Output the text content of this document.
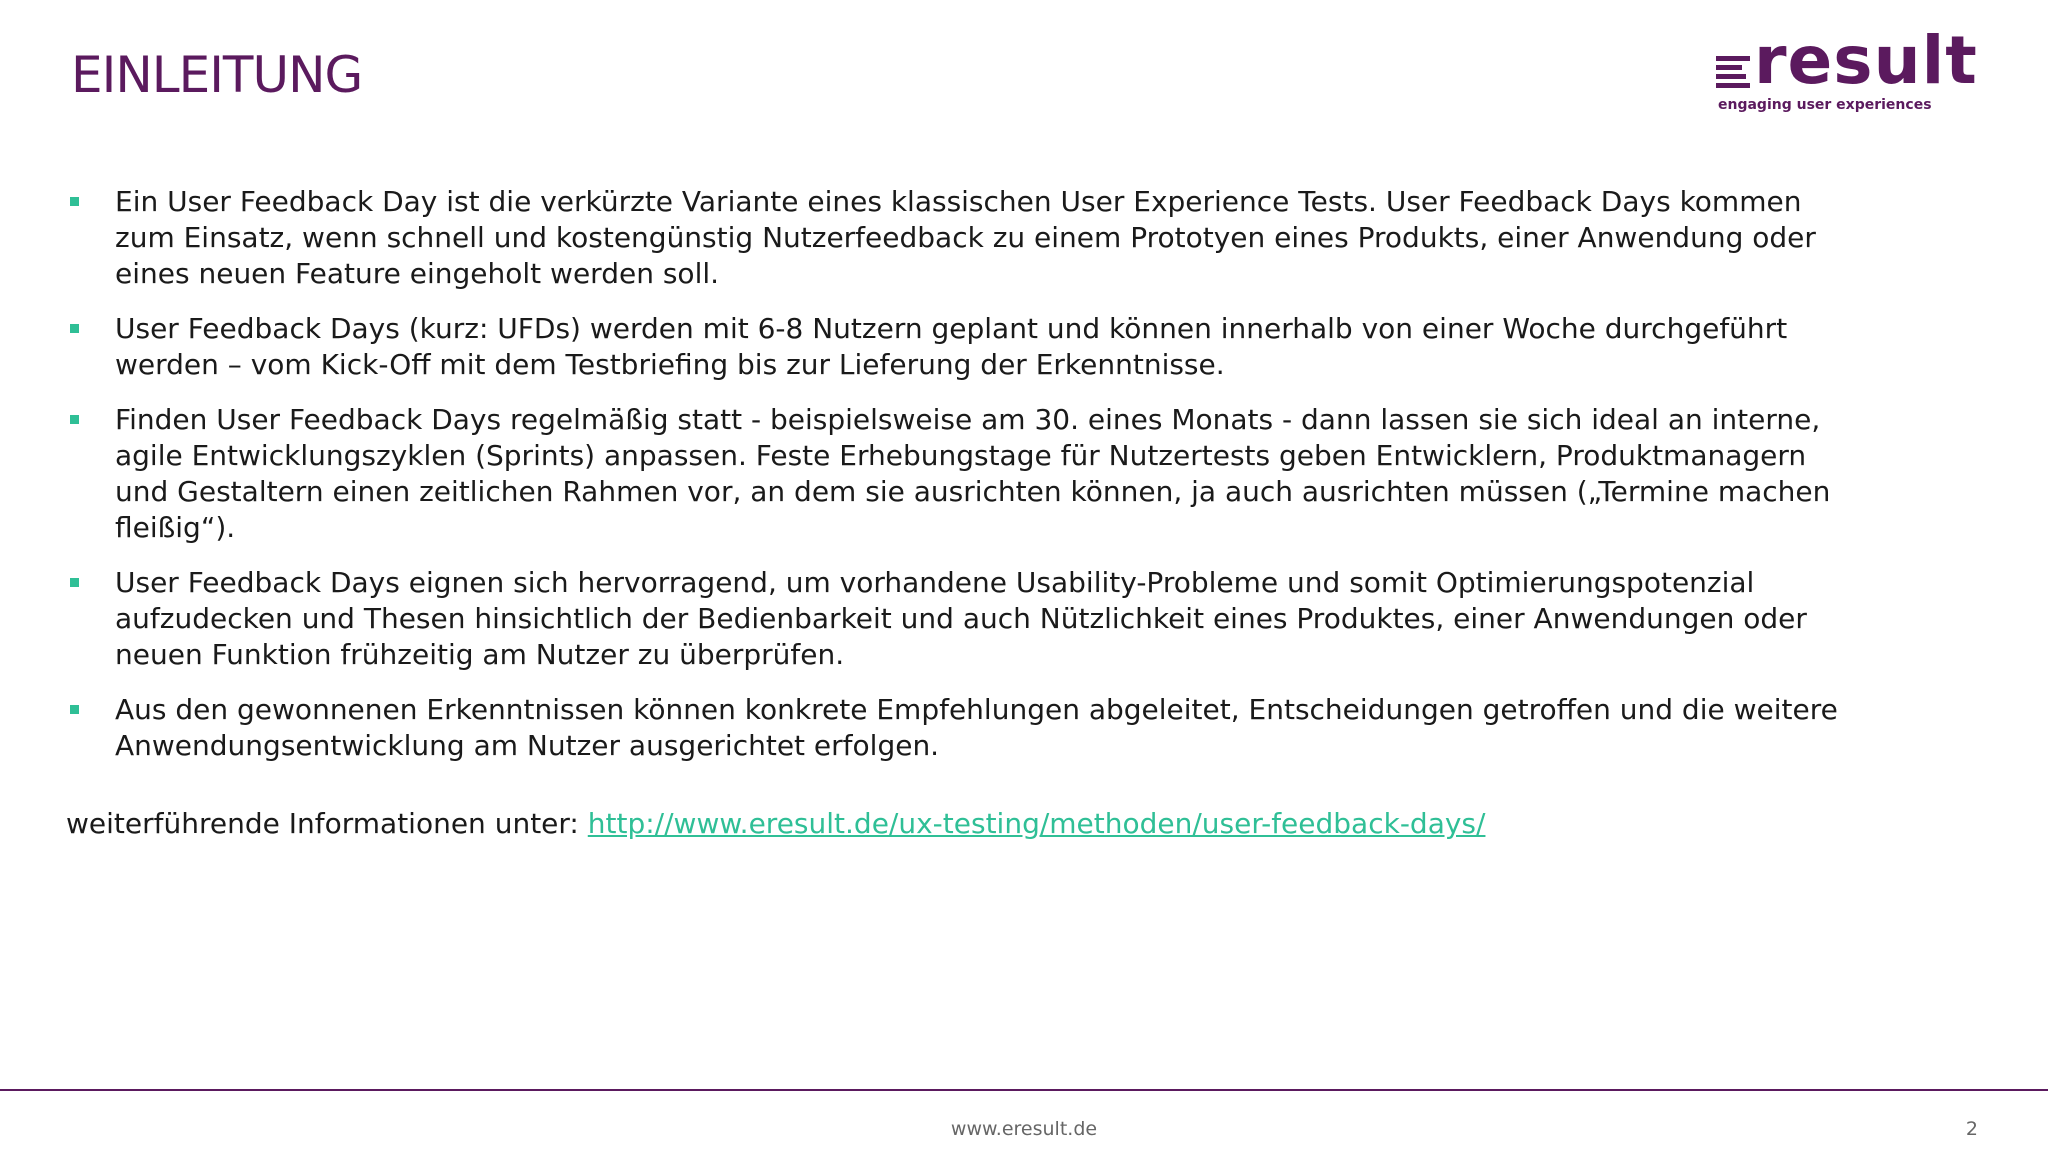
EINLEITUNG	result
engaging user experiences
Ein User Feedback Day ist die verkürzte Variante eines klassischen User Experience Tests. User Feedback Days kommen zum Einsatz, wenn schnell und kostengünstig Nutzerfeedback zu einem Prototyen eines Produkts, einer Anwendung oder eines neuen Feature eingeholt werden soll.
User Feedback Days (kurz: UFDs) werden mit 6-8 Nutzern geplant und können innerhalb von einer Woche durchgeführt werden – vom Kick-Off mit dem Testbriefing bis zur Lieferung der Erkenntnisse.
Finden User Feedback Days regelmäßig statt - beispielsweise am 30. eines Monats - dann lassen sie sich ideal an interne, agile Entwicklungszyklen (Sprints) anpassen. Feste Erhebungstage für Nutzertests geben Entwicklern, Produktmanagern und Gestaltern einen zeitlichen Rahmen vor, an dem sie ausrichten können, ja auch ausrichten müssen („Termine machen fleißig“).
User Feedback Days eignen sich hervorragend, um vorhandene Usability-Probleme und somit Optimierungspotenzial aufzudecken und Thesen hinsichtlich der Bedienbarkeit und auch Nützlichkeit eines Produktes, einer Anwendungen oder neuen Funktion frühzeitig am Nutzer zu überprüfen.
Aus den gewonnenen Erkenntnissen können konkrete Empfehlungen abgeleitet, Entscheidungen getroffen und die weitere Anwendungsentwicklung am Nutzer ausgerichtet erfolgen.
weiterführende Informationen unter: http://www.eresult.de/ux-testing/methoden/user-feedback-days/
www.eresult.de	2
